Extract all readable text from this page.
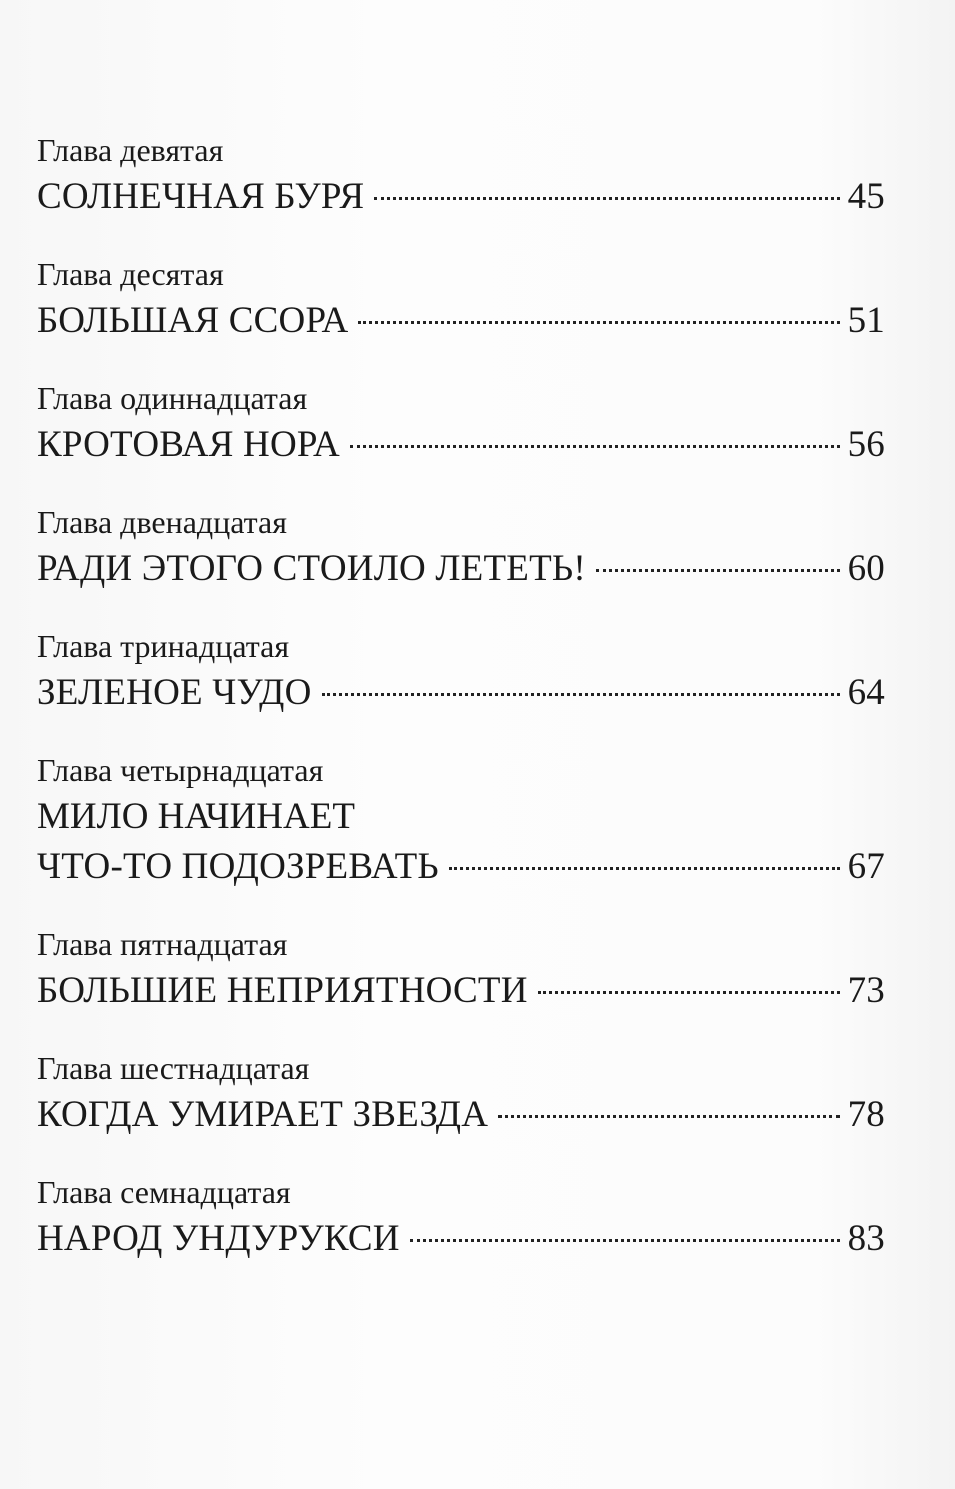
Глава девятая
СОЛНЕЧНАЯ БУРЯ	45
Глава десятая
БОЛЬШАЯ ССОРА	51
Глава одиннадцатая
КРОТОВАЯ НОРА	56
Глава двенадцатая
РАДИ ЭТОГО СТОИЛО ЛЕТЕТЬ!	60
Глава тринадцатая
ЗЕЛЕНОЕ ЧУДО	64
Глава четырнадцатая
МИЛО НАЧИНАЕТ
ЧТО-ТО ПОДОЗРЕВАТЬ	67
Глава пятнадцатая
БОЛЬШИЕ НЕПРИЯТНОСТИ	73
Глава шестнадцатая
КОГДА УМИРАЕТ ЗВЕЗДА	78
Глава семнадцатая
НАРОД УНДУРУКСИ	83
